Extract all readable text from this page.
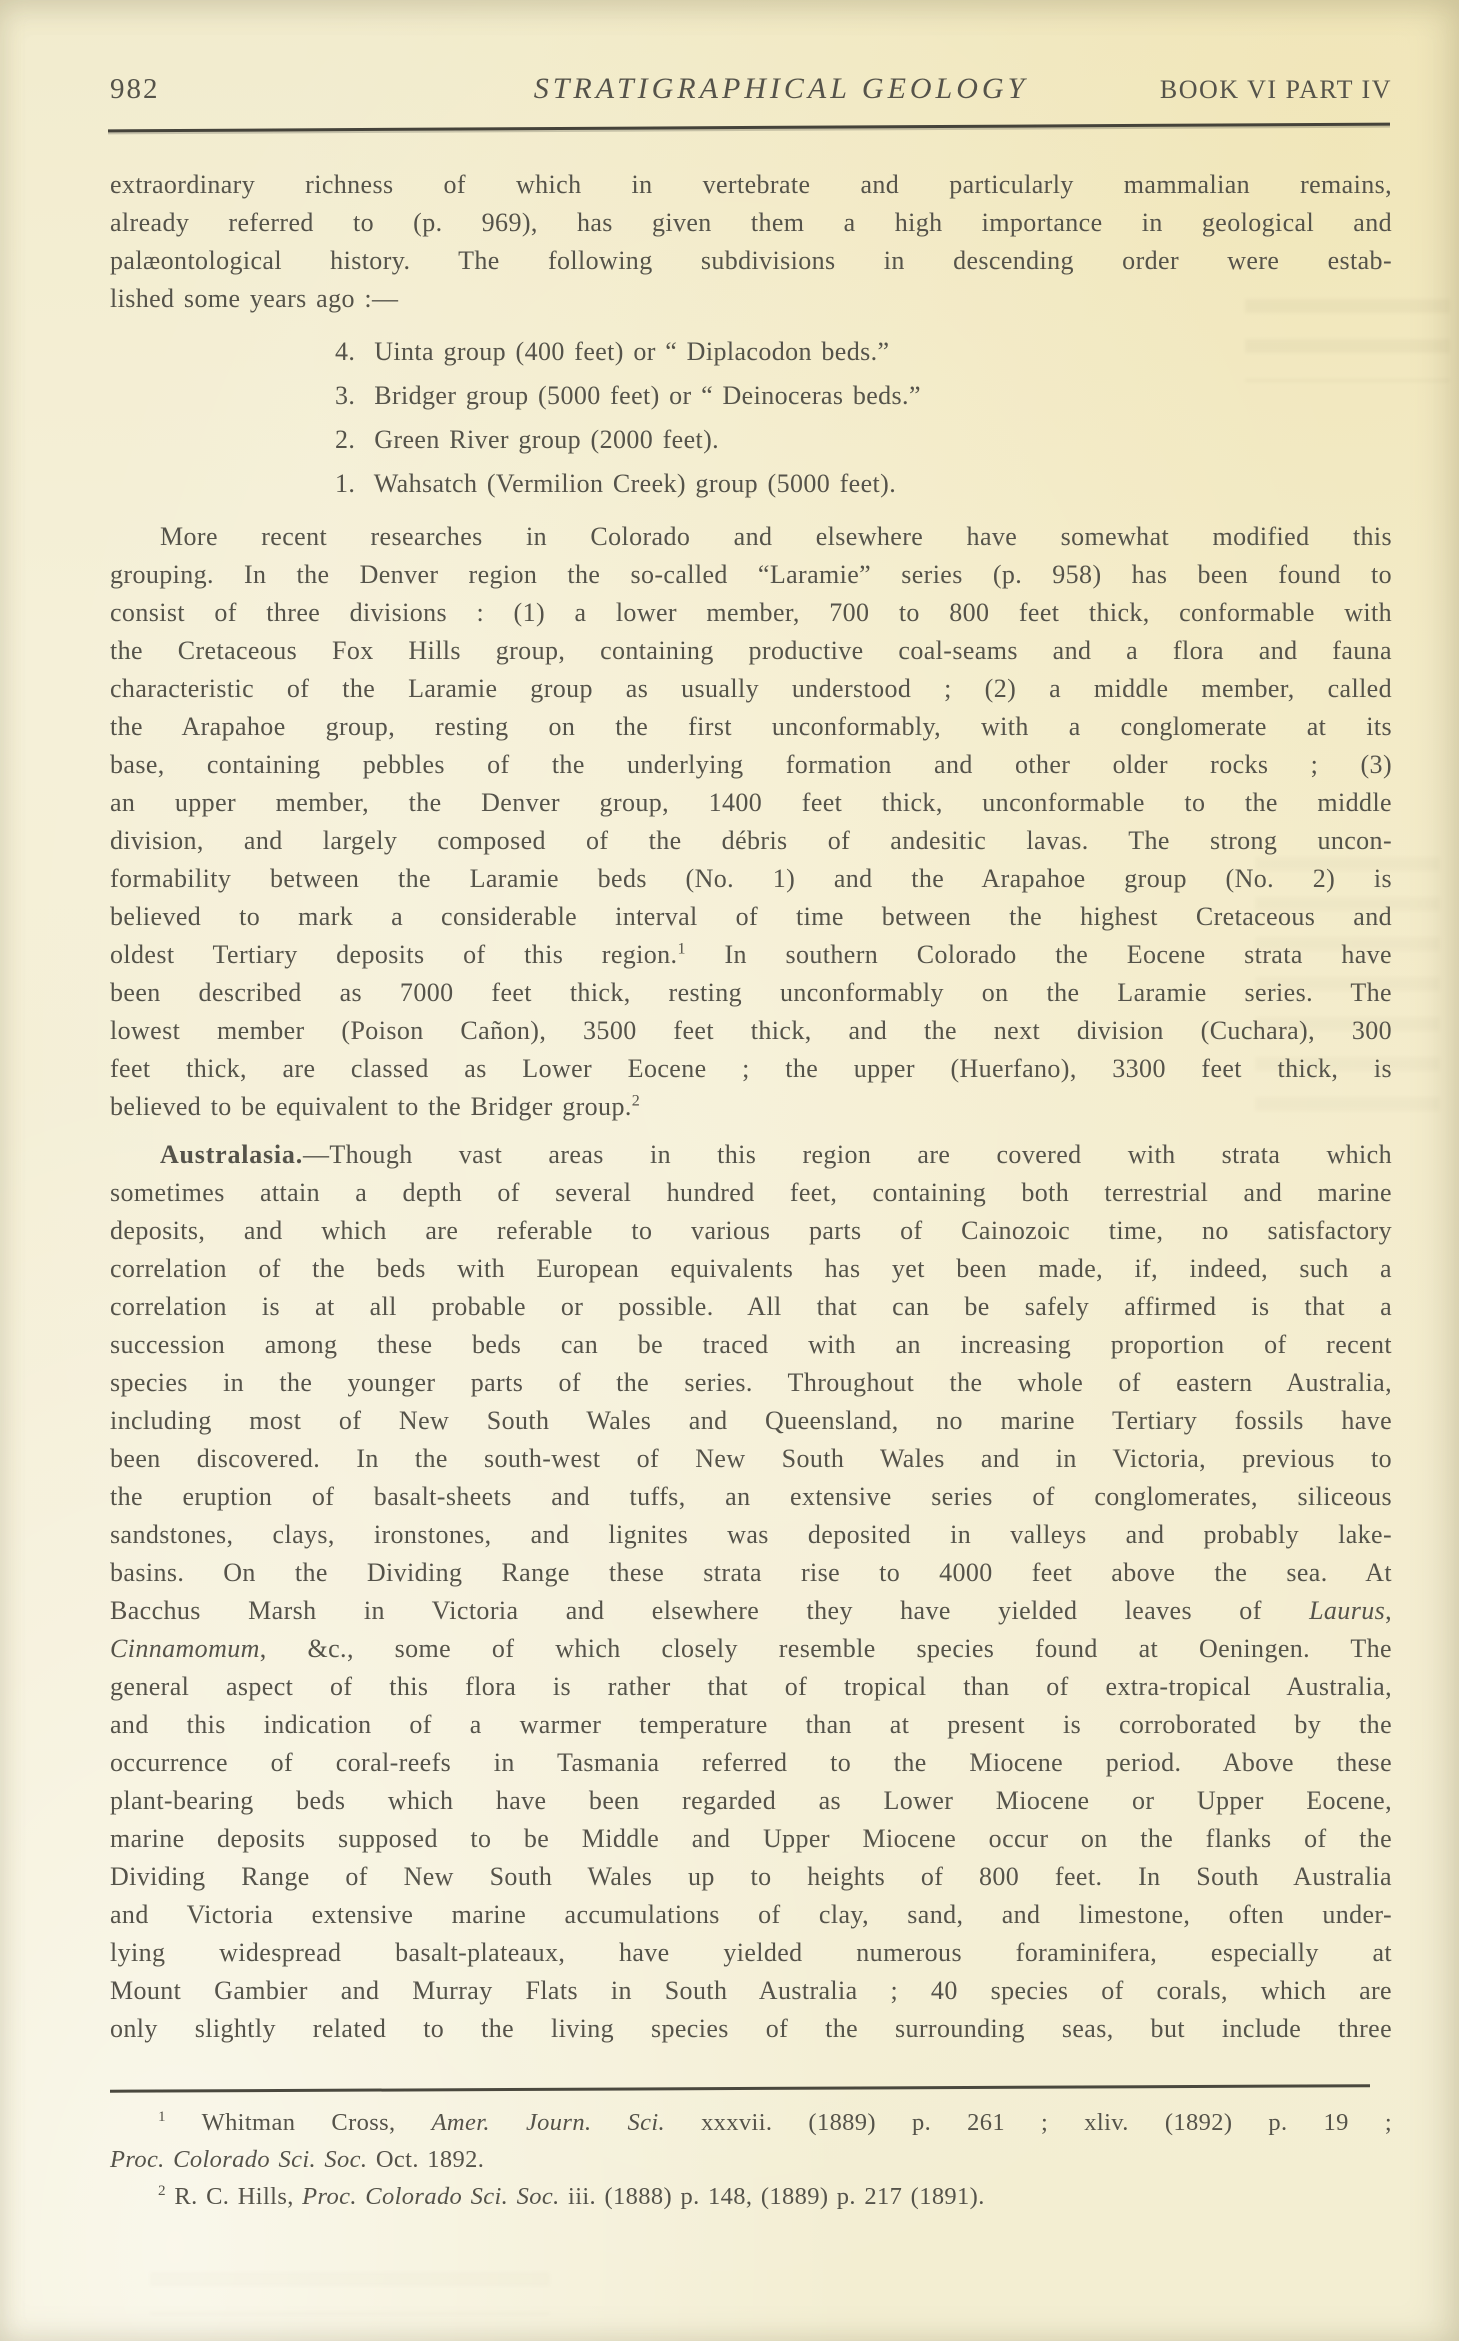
982	STRATIGRAPHICAL GEOLOGY	BOOK VI PART IV
extraordinary richness of which in vertebrate and particularly mammalian remains,
already referred to (p. 969), has given them a high importance in geological and
palæontological history. The following subdivisions in descending order were estab-
lished some years ago :—
4.  Uinta group (400 feet) or “ Diplacodon beds.”
3.  Bridger group (5000 feet) or “ Deinoceras beds.”
2.  Green River group (2000 feet).
1.  Wahsatch (Vermilion Creek) group (5000 feet).
More recent researches in Colorado and elsewhere have somewhat modified this
grouping. In the Denver region the so-called “Laramie” series (p. 958) has been found to
consist of three divisions : (1) a lower member, 700 to 800 feet thick, conformable with
the Cretaceous Fox Hills group, containing productive coal-seams and a flora and fauna
characteristic of the Laramie group as usually understood ; (2) a middle member, called
the Arapahoe group, resting on the first unconformably, with a conglomerate at its
base, containing pebbles of the underlying formation and other older rocks ; (3)
an upper member, the Denver group, 1400 feet thick, unconformable to the middle
division, and largely composed of the débris of andesitic lavas. The strong uncon-
formability between the Laramie beds (No. 1) and the Arapahoe group (No. 2) is
believed to mark a considerable interval of time between the highest Cretaceous and
oldest Tertiary deposits of this region.$^1$ In southern Colorado the Eocene strata have
been described as 7000 feet thick, resting unconformably on the Laramie series. The
lowest member (Poison Cañon), 3500 feet thick, and the next division (Cuchara), 300
feet thick, are classed as Lower Eocene ; the upper (Huerfano), 3300 feet thick, is
believed to be equivalent to the Bridger group.$^2$
Australasia.—Though vast areas in this region are covered with strata which
sometimes attain a depth of several hundred feet, containing both terrestrial and marine
deposits, and which are referable to various parts of Cainozoic time, no satisfactory
correlation of the beds with European equivalents has yet been made, if, indeed, such a
correlation is at all probable or possible. All that can be safely affirmed is that a
succession among these beds can be traced with an increasing proportion of recent
species in the younger parts of the series. Throughout the whole of eastern Australia,
including most of New South Wales and Queensland, no marine Tertiary fossils have
been discovered. In the south-west of New South Wales and in Victoria, previous to
the eruption of basalt-sheets and tuffs, an extensive series of conglomerates, siliceous
sandstones, clays, ironstones, and lignites was deposited in valleys and probably lake-
basins. On the Dividing Range these strata rise to 4000 feet above the sea. At
Bacchus Marsh in Victoria and elsewhere they have yielded leaves of Laurus,
Cinnamomum, &c., some of which closely resemble species found at Oeningen. The
general aspect of this flora is rather that of tropical than of extra-tropical Australia,
and this indication of a warmer temperature than at present is corroborated by the
occurrence of coral-reefs in Tasmania referred to the Miocene period. Above these
plant-bearing beds which have been regarded as Lower Miocene or Upper Eocene,
marine deposits supposed to be Middle and Upper Miocene occur on the flanks of the
Dividing Range of New South Wales up to heights of 800 feet. In South Australia
and Victoria extensive marine accumulations of clay, sand, and limestone, often under-
lying widespread basalt-plateaux, have yielded numerous foraminifera, especially at
Mount Gambier and Murray Flats in South Australia ; 40 species of corals, which are
only slightly related to the living species of the surrounding seas, but include three
$^1$ Whitman Cross, Amer. Journ. Sci. xxxvii. (1889) p. 261 ; xliv. (1892) p. 19 ;
Proc. Colorado Sci. Soc. Oct. 1892.
$^2$ R. C. Hills, Proc. Colorado Sci. Soc. iii. (1888) p. 148, (1889) p. 217 (1891).
